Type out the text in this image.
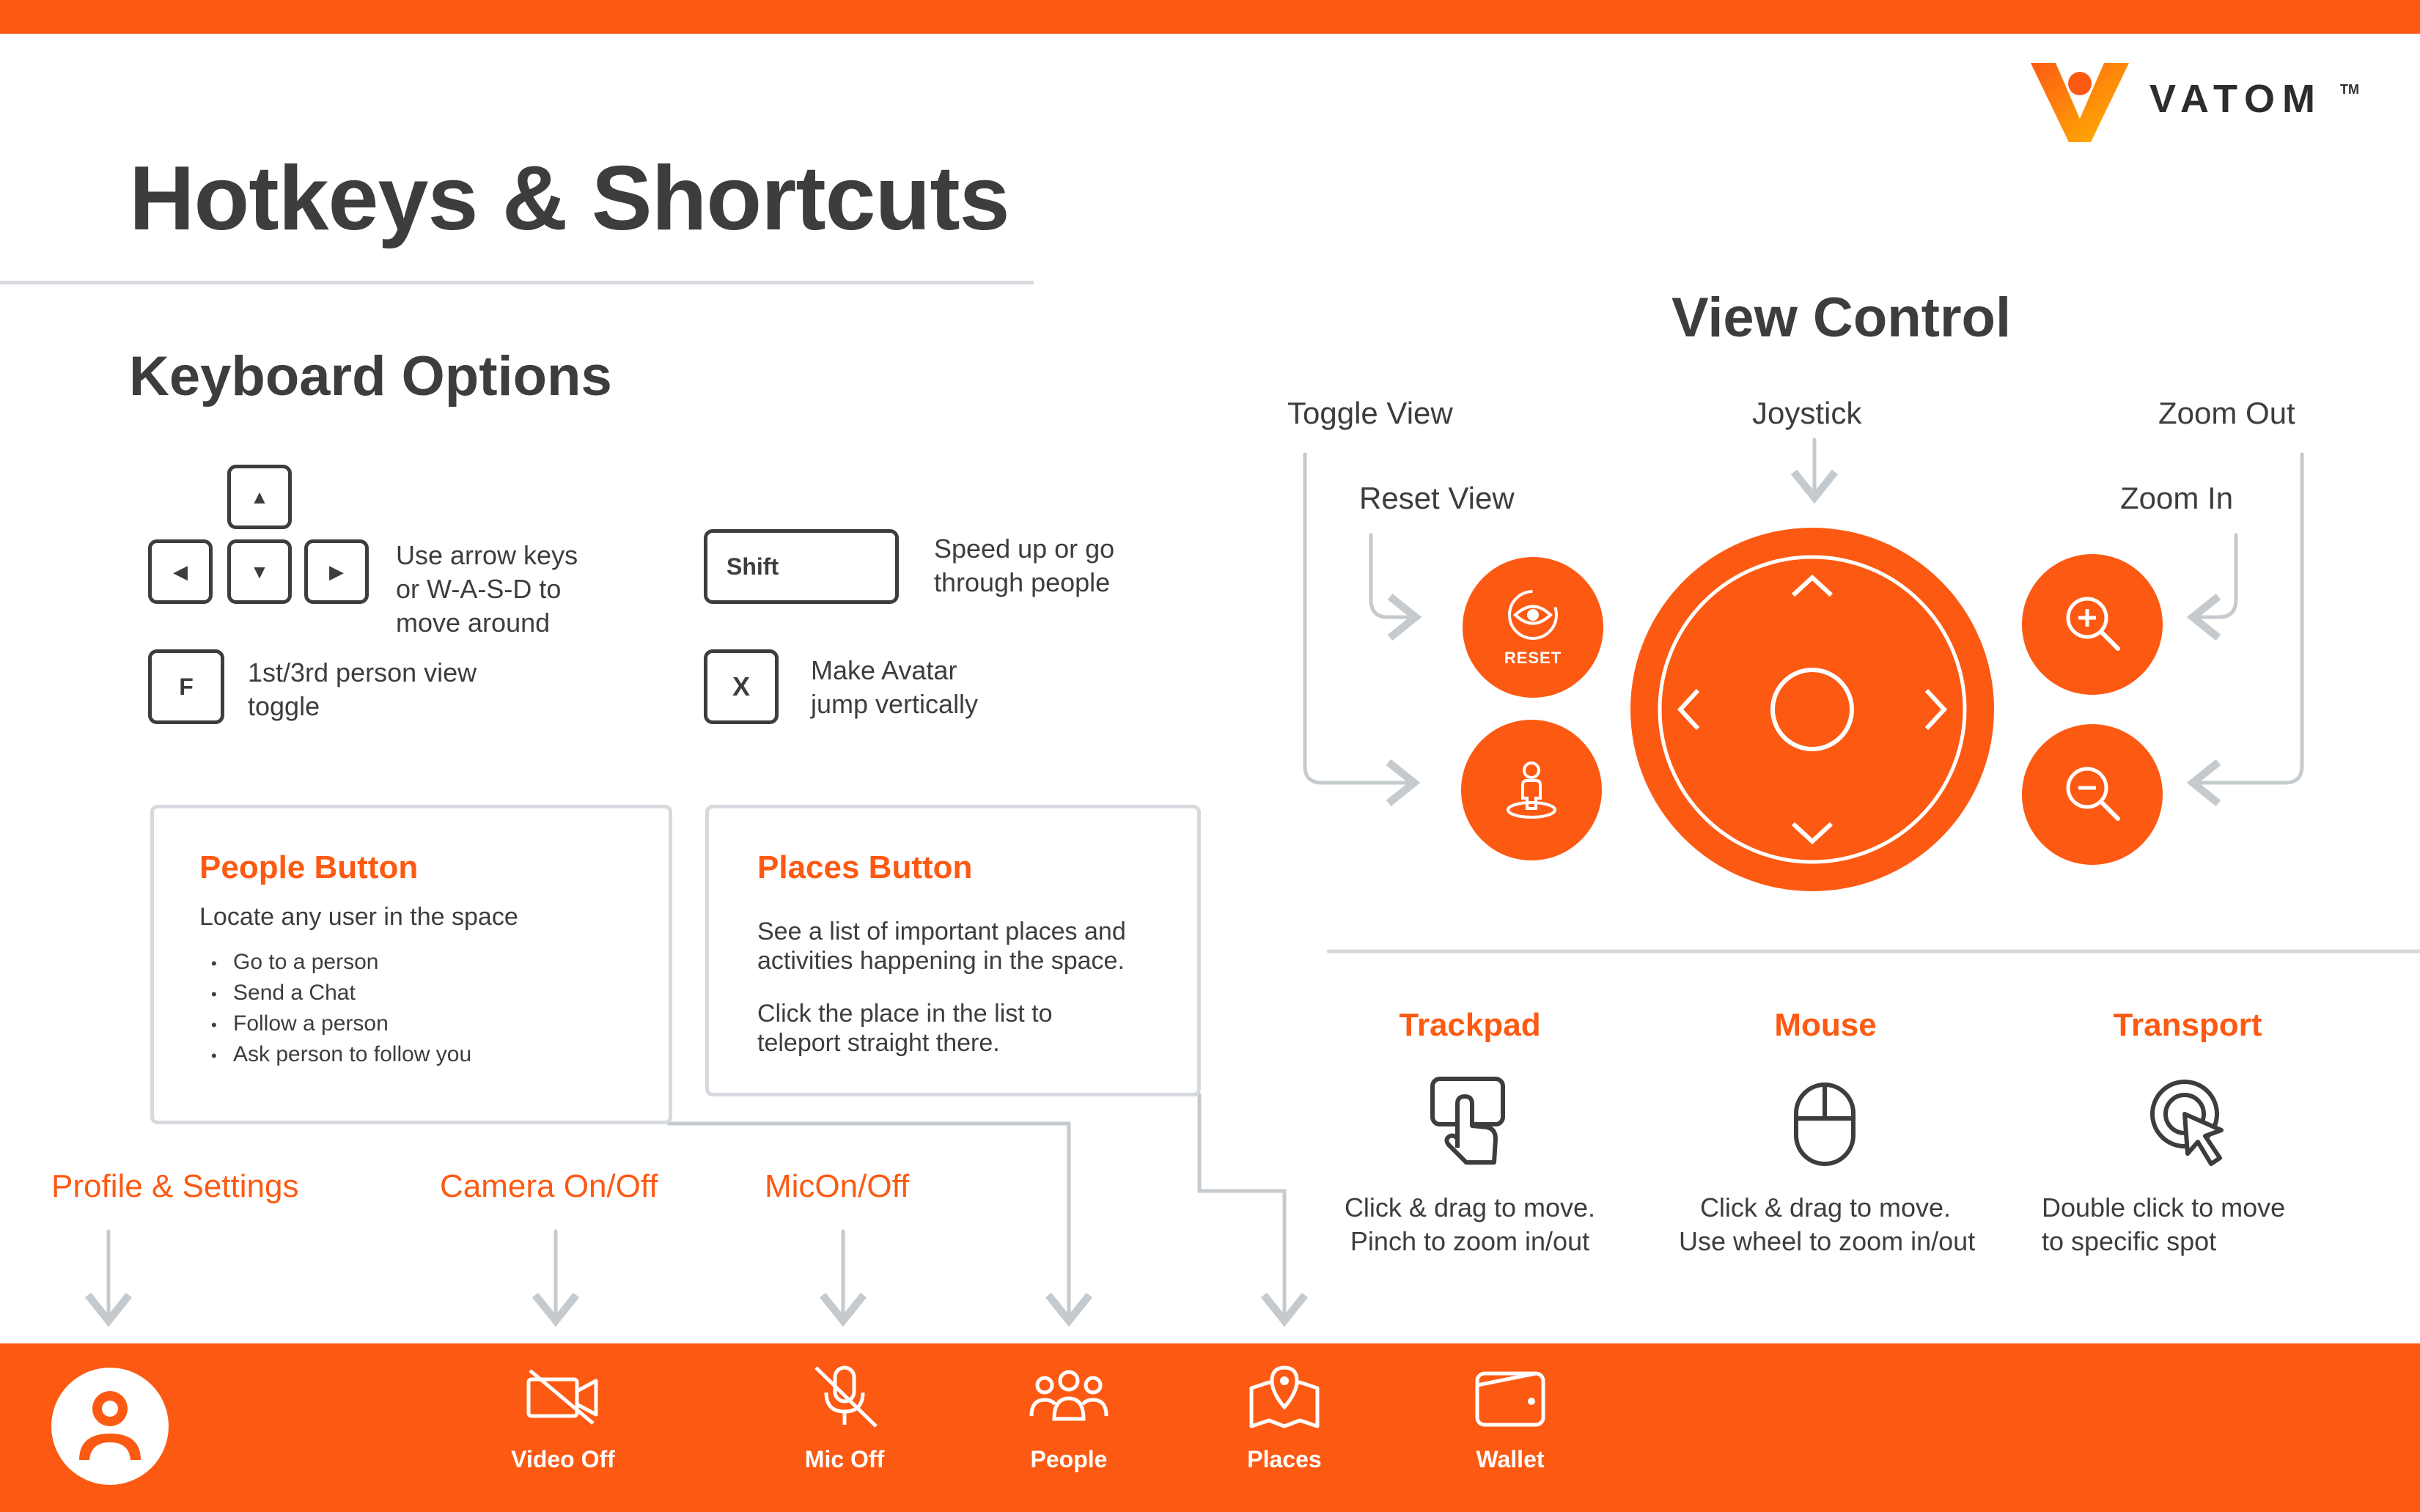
VATOM TM
Hotkeys & Shortcuts
Keyboard Options
▲
◀	▼	▶
Use arrow keys
or W-A-S-D to
move around
F	1st/3rd person view
toggle
Shift
Speed up or go
through people
X
Make Avatar
jump vertically
People Button
Locate any user in the space
• Go to a person
• Send a Chat
• Follow a person
• Ask person to follow you
Places Button
See a list of important places and
activities happening in the space.
Click the place in the list to
teleport straight there.
View Control
Toggle View	Joystick	Zoom Out
Reset View	Zoom In
RESET
Trackpad
Click & drag to move.
Pinch to zoom in/out
Mouse
Click & drag to move.
Use wheel to zoom in/out
Transport
Double click to move
to specific spot
Profile & Settings	Camera On/Off	MicOn/Off
Video Off	Mic Off	People	Places	Wallet
